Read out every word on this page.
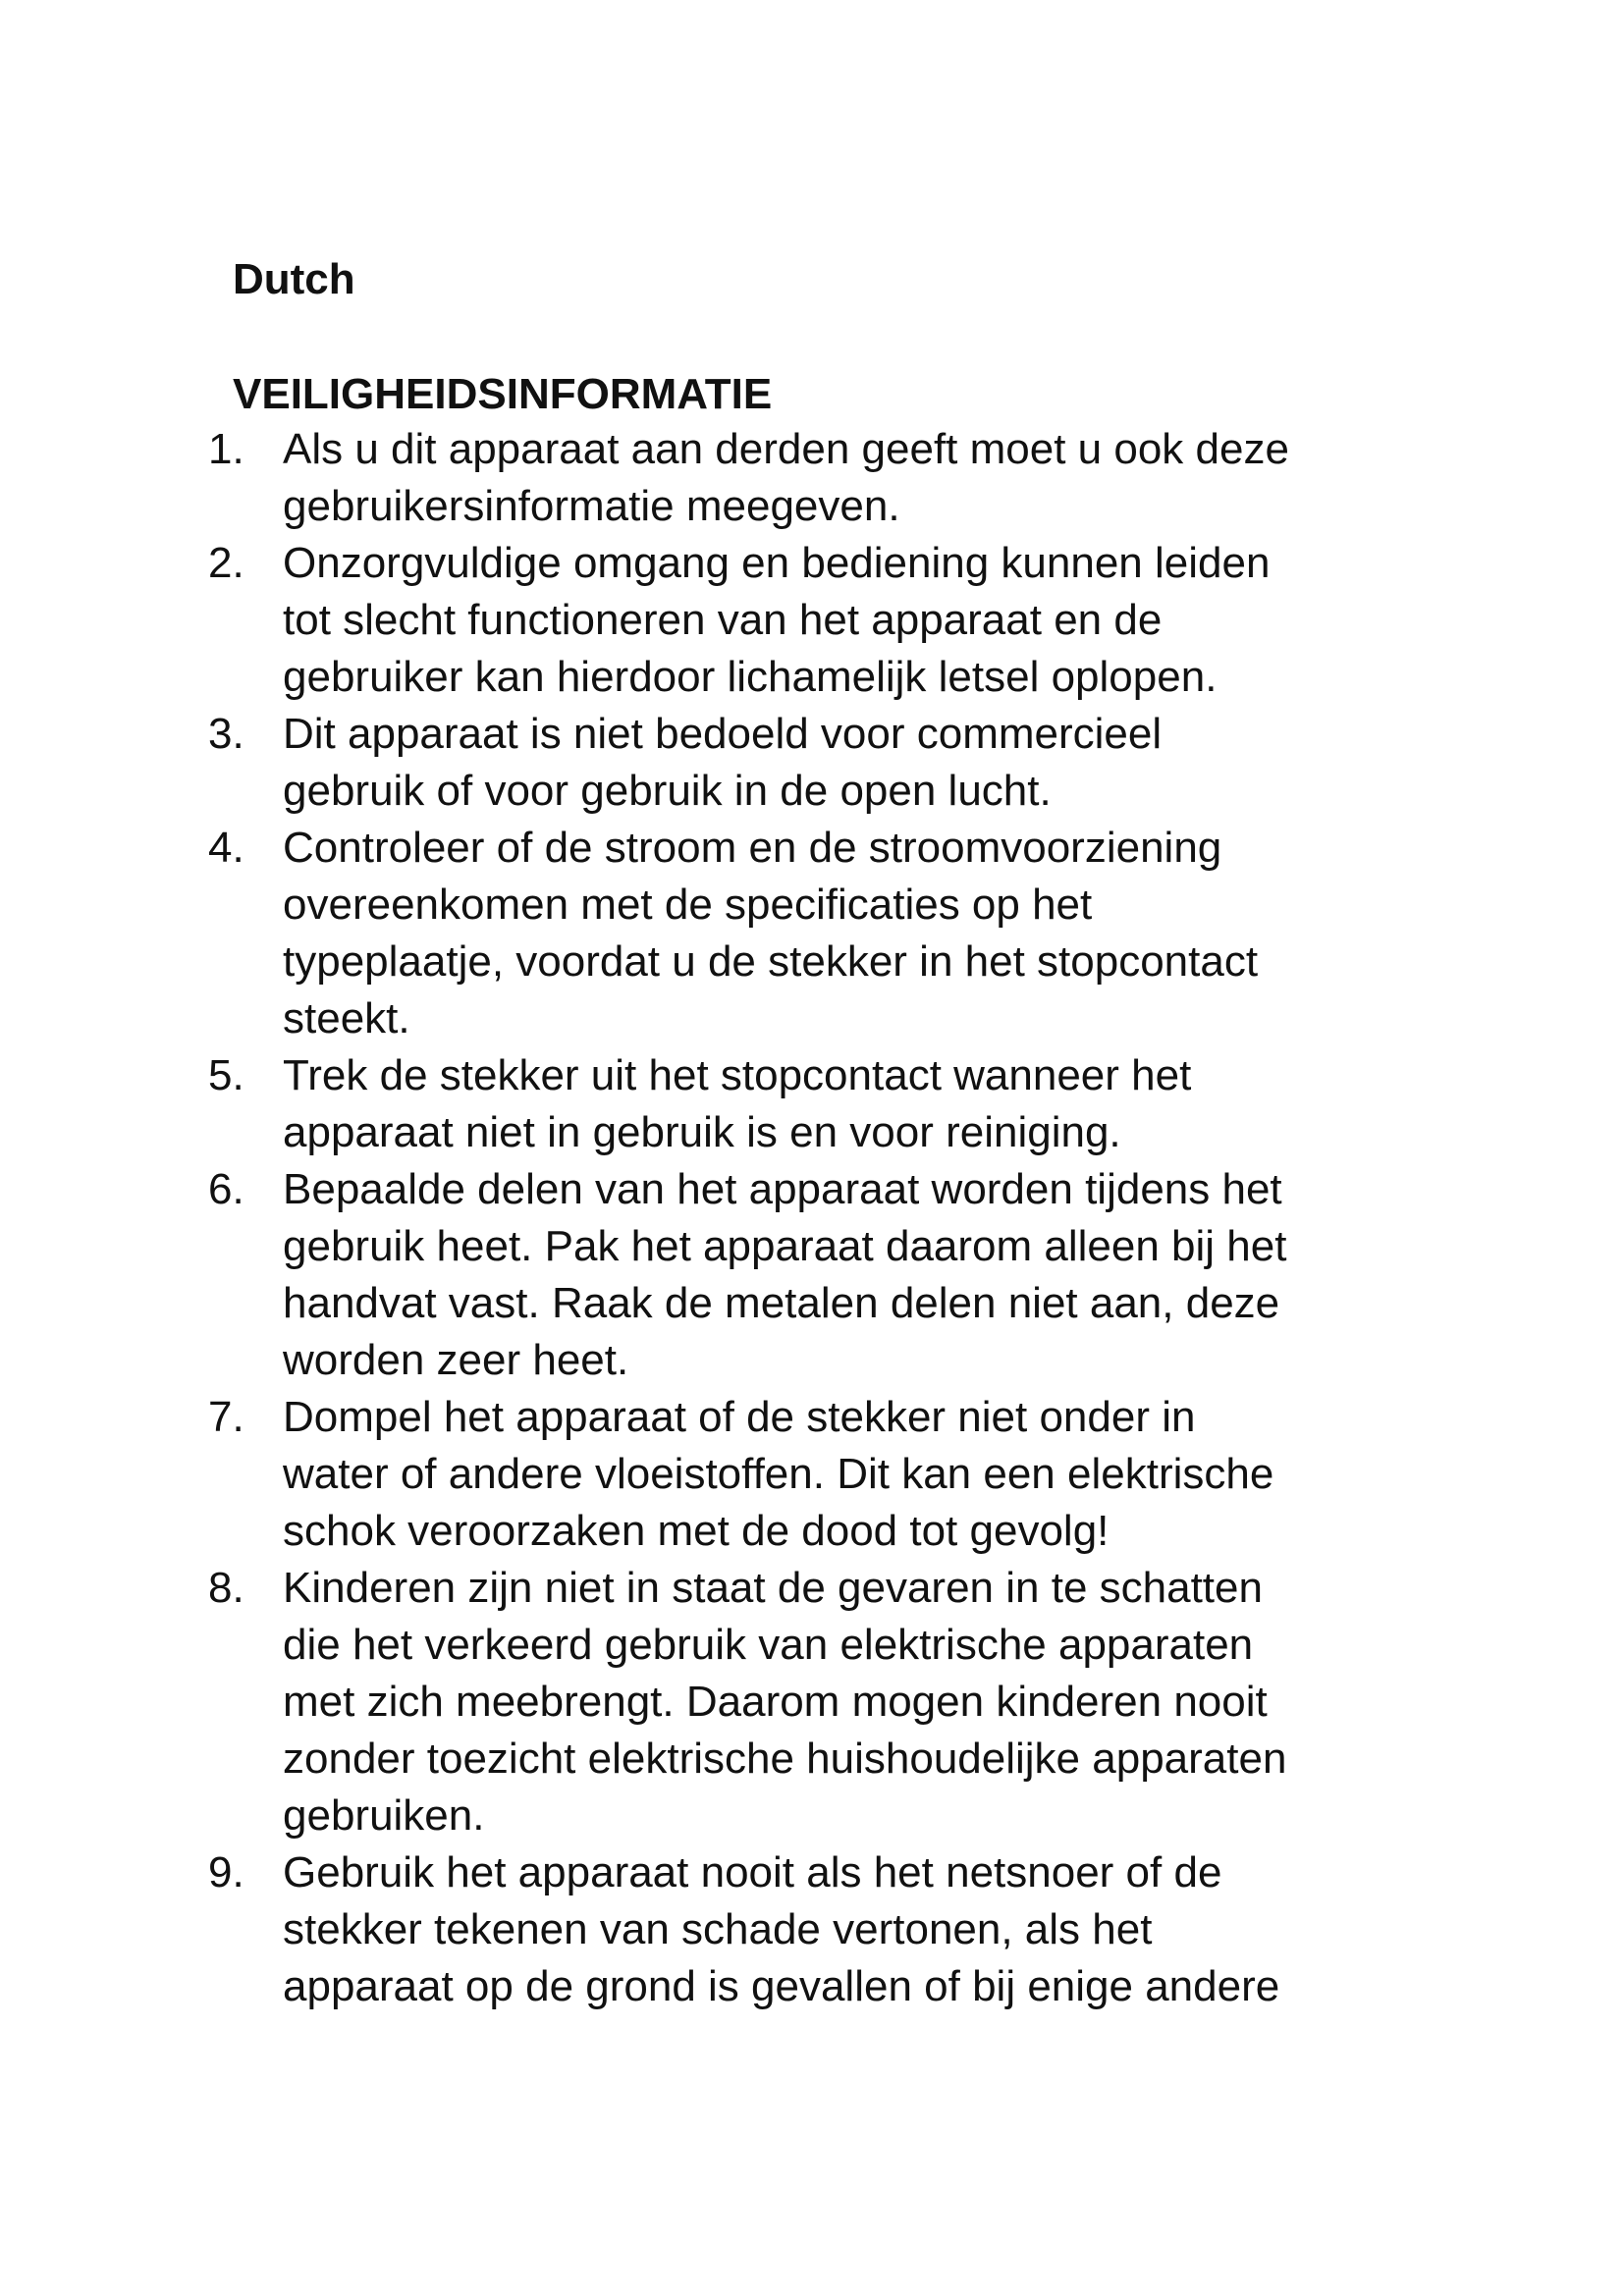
Dutch
VEILIGHEIDSINFORMATIE
1. Als u dit apparaat aan derden geeft moet u ook deze
gebruikersinformatie meegeven.
2. Onzorgvuldige omgang en bediening kunnen leiden
tot slecht functioneren van het apparaat en de
gebruiker kan hierdoor lichamelijk letsel oplopen.
3. Dit apparaat is niet bedoeld voor commercieel
gebruik of voor gebruik in de open lucht.
4. Controleer of de stroom en de stroomvoorziening
overeenkomen met de specificaties op het
typeplaatje, voordat u de stekker in het stopcontact
steekt.
5. Trek de stekker uit het stopcontact wanneer het
apparaat niet in gebruik is en voor reiniging.
6. Bepaalde delen van het apparaat worden tijdens het
gebruik heet. Pak het apparaat daarom alleen bij het
handvat vast. Raak de metalen delen niet aan, deze
worden zeer heet.
7. Dompel het apparaat of de stekker niet onder in
water of andere vloeistoffen. Dit kan een elektrische
schok veroorzaken met de dood tot gevolg!
8. Kinderen zijn niet in staat de gevaren in te schatten
die het verkeerd gebruik van elektrische apparaten
met zich meebrengt. Daarom mogen kinderen nooit
zonder toezicht elektrische huishoudelijke apparaten
gebruiken.
9. Gebruik het apparaat nooit als het netsnoer of de
stekker tekenen van schade vertonen, als het
apparaat op de grond is gevallen of bij enige andere
